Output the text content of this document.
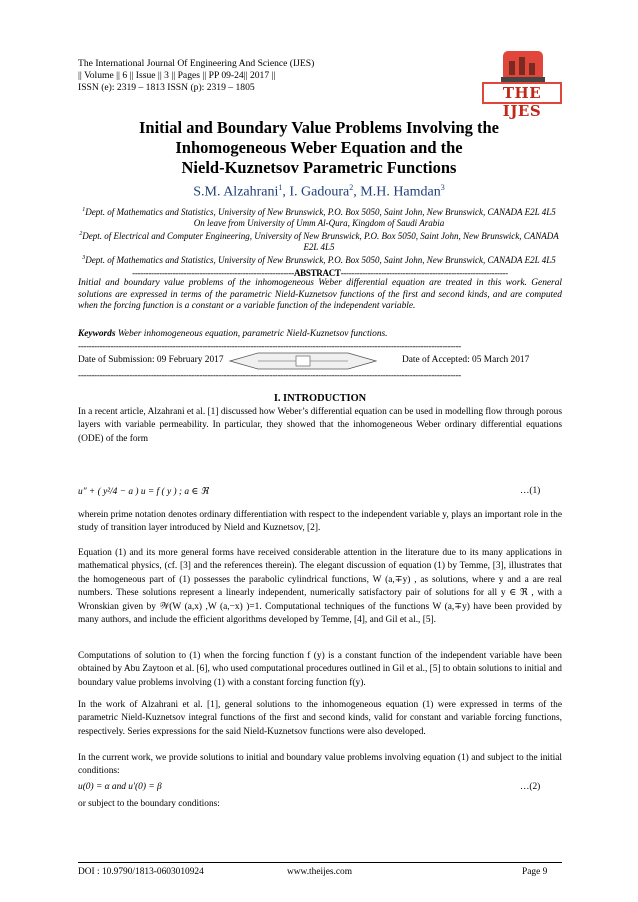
The International Journal Of Engineering And Science (IJES)
|| Volume || 6 || Issue || 3 || Pages || PP 09-24|| 2017 ||
ISSN (e): 2319 – 1813 ISSN (p): 2319 – 1805	THE IJES
Initial and Boundary Value Problems Involving the
Inhomogeneous Weber Equation and the
Nield-Kuznetsov Parametric Functions
S.M. Alzahrani$^1$, I. Gadoura$^2$, M.H. Hamdan$^3$
$^1$Dept. of Mathematics and Statistics, University of New Brunswick, P.O. Box 5050, Saint John, New Brunswick, CANADA E2L 4L5 On leave from University of Umm Al-Qura, Kingdom of Saudi Arabia
$^2$Dept. of Electrical and Computer Engineering, University of New Brunswick, P.O. Box 5050, Saint John, New Brunswick, CANADA E2L 4L5
$^3$Dept. of Mathematics and Statistics, University of New Brunswick, P.O. Box 5050, Saint John, New Brunswick, CANADA E2L 4L5
------------------------------------------------------------ABSTRACT--------------------------------------------------------------
Initial and boundary value problems of the inhomogeneous Weber differential equation are treated in this work. General solutions are expressed in terms of the parametric Nield-Kuznetsov functions of the first and second kinds, and are computed when the forcing function is a constant or a variable function of the independent variable.
Keywords Weber inhomogeneous equation, parametric Nield-Kuznetsov functions.
----------------------------------------------------------------------------------------------------------------------------------------------
Date of Submission: 09 February 2017	Date of Accepted: 05 March 2017
----------------------------------------------------------------------------------------------------------------------------------------------
I. INTRODUCTION
In a recent article, Alzahrani et al. [1] discussed how Weber’s differential equation can be used in modelling flow through porous layers with variable permeability. In particular, they showed that the inhomogeneous Weber ordinary differential equations (ODE) of the form
u″ + ( y²/4 − a ) u = f ( y ) ; a ∈ ℜ	…(1)
wherein prime notation denotes ordinary differentiation with respect to the independent variable y, plays an important role in the study of transition layer introduced by Nield and Kuznetsov, [2].
Equation (1) and its more general forms have received considerable attention in the literature due to its many applications in mathematical physics, (cf. [3] and the references therein). The elegant discussion of equation (1) by Temme, [3], illustrates that the homogeneous part of (1) possesses the parabolic cylindrical functions, W (a,∓y) , as solutions, where y and a are real numbers. These solutions represent a linearly independent, numerically satisfactory pair of solutions for all y ∈ ℜ , with a Wronskian given by 𝒲(W (a,x) ,W (a,−x) )=1. Computational techniques of the functions W (a,∓y) have been provided by many authors, and include the efficient algorithms developed by Temme, [4], and Gil et al., [5].
Computations of solution to (1) when the forcing function f (y) is a constant function of the independent variable have been obtained by Abu Zaytoon et al. [6], who used computational procedures outlined in Gil et al., [5] to obtain solutions to initial and boundary value problems involving (1) with a constant forcing function f(y).
In the work of Alzahrani et al. [1], general solutions to the inhomogeneous equation (1) were expressed in terms of the parametric Nield-Kuznetsov integral functions of the first and second kinds, valid for constant and variable forcing functions, respectively. Series expressions for the said Nield-Kuznetsov functions were also developed.
In the current work, we provide solutions to initial and boundary value problems involving equation (1) and subject to the initial conditions:
u(0) = α and u′(0) = β	…(2)
or subject to the boundary conditions:
DOI : 10.9790/1813-0603010924	www.theijes.com	Page 9
